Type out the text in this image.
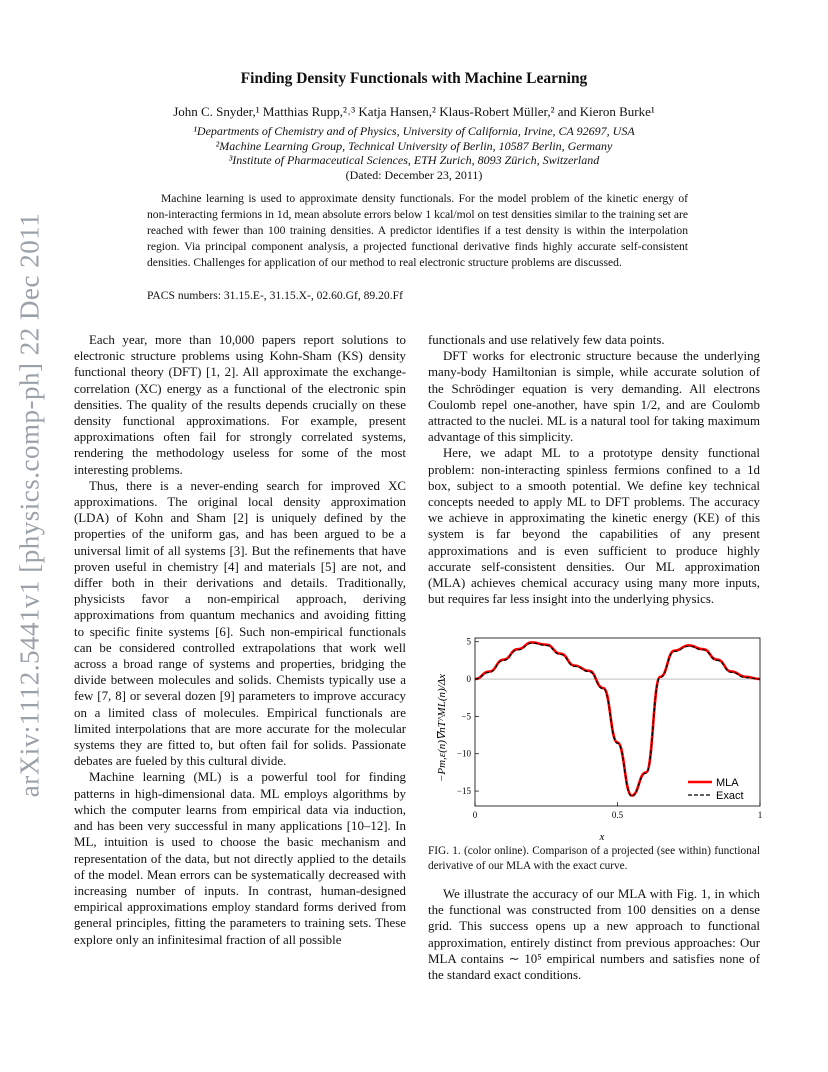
arXiv:1112.5441v1 [physics.comp-ph] 22 Dec 2011
Finding Density Functionals with Machine Learning
John C. Snyder,¹ Matthias Rupp,²˒³ Katja Hansen,² Klaus-Robert Müller,² and Kieron Burke¹
¹Departments of Chemistry and of Physics, University of California, Irvine, CA 92697, USA
²Machine Learning Group, Technical University of Berlin, 10587 Berlin, Germany
³Institute of Pharmaceutical Sciences, ETH Zurich, 8093 Zürich, Switzerland
(Dated: December 23, 2011)

Machine learning is used to approximate density functionals. For the model problem of the kinetic energy of non-interacting fermions in 1d, mean absolute errors below 1 kcal/mol on test densities similar to the training set are reached with fewer than 100 training densities. A predictor identifies if a test density is within the interpolation region. Via principal component analysis, a projected functional derivative finds highly accurate self-consistent densities. Challenges for application of our method to real electronic structure problems are discussed.

PACS numbers: 31.15.E-, 31.15.X-, 02.60.Gf, 89.20.Ff

Each year, more than 10,000 papers report solutions to electronic structure problems using Kohn-Sham (KS) density functional theory (DFT) [1, 2]. All approximate the exchange-correlation (XC) energy as a functional of the electronic spin densities. The quality of the results depends crucially on these density functional approximations. For example, present approximations often fail for strongly correlated systems, rendering the methodology useless for some of the most interesting problems.

Thus, there is a never-ending search for improved XC approximations. The original local density approximation (LDA) of Kohn and Sham [2] is uniquely defined by the properties of the uniform gas, and has been argued to be a universal limit of all systems [3]. But the refinements that have proven useful in chemistry [4] and materials [5] are not, and differ both in their derivations and details. Traditionally, physicists favor a non-empirical approach, deriving approximations from quantum mechanics and avoiding fitting to specific finite systems [6]. Such non-empirical functionals can be considered controlled extrapolations that work well across a broad range of systems and properties, bridging the divide between molecules and solids. Chemists typically use a few [7, 8] or several dozen [9] parameters to improve accuracy on a limited class of molecules. Empirical functionals are limited interpolations that are more accurate for the molecular systems they are fitted to, but often fail for solids. Passionate debates are fueled by this cultural divide.

Machine learning (ML) is a powerful tool for finding patterns in high-dimensional data. ML employs algorithms by which the computer learns from empirical data via induction, and has been very successful in many applications [10–12]. In ML, intuition is used to choose the basic mechanism and representation of the data, but not directly applied to the details of the model. Mean errors can be systematically decreased with increasing number of inputs. In contrast, human-designed empirical approximations employ standard forms derived from general principles, fitting the parameters to training sets. These explore only an infinitesimal fraction of all possible

functionals and use relatively few data points.

DFT works for electronic structure because the underlying many-body Hamiltonian is simple, while accurate solution of the Schrödinger equation is very demanding. All electrons Coulomb repel one-another, have spin 1/2, and are Coulomb attracted to the nuclei. ML is a natural tool for taking maximum advantage of this simplicity.

Here, we adapt ML to a prototype density functional problem: non-interacting spinless fermions confined to a 1d box, subject to a smooth potential. We define key technical concepts needed to apply ML to DFT problems. The accuracy we achieve in approximating the kinetic energy (KE) of this system is far beyond the capabilities of any present approximations and is even sufficient to produce highly accurate self-consistent densities. Our ML approximation (MLA) achieves chemical accuracy using many more inputs, but requires far less insight into the underlying physics.

5
0
−5
−10
−15
0	0.5	1
MLA
Exact
−Pm,ε(n)∇nT^ML(n)/Δx
x

FIG. 1. (color online). Comparison of a projected (see within) functional derivative of our MLA with the exact curve.

We illustrate the accuracy of our MLA with Fig. 1, in which the functional was constructed from 100 densities on a dense grid. This success opens up a new approach to functional approximation, entirely distinct from previous approaches: Our MLA contains ∼ 10⁵ empirical numbers and satisfies none of the standard exact conditions.
